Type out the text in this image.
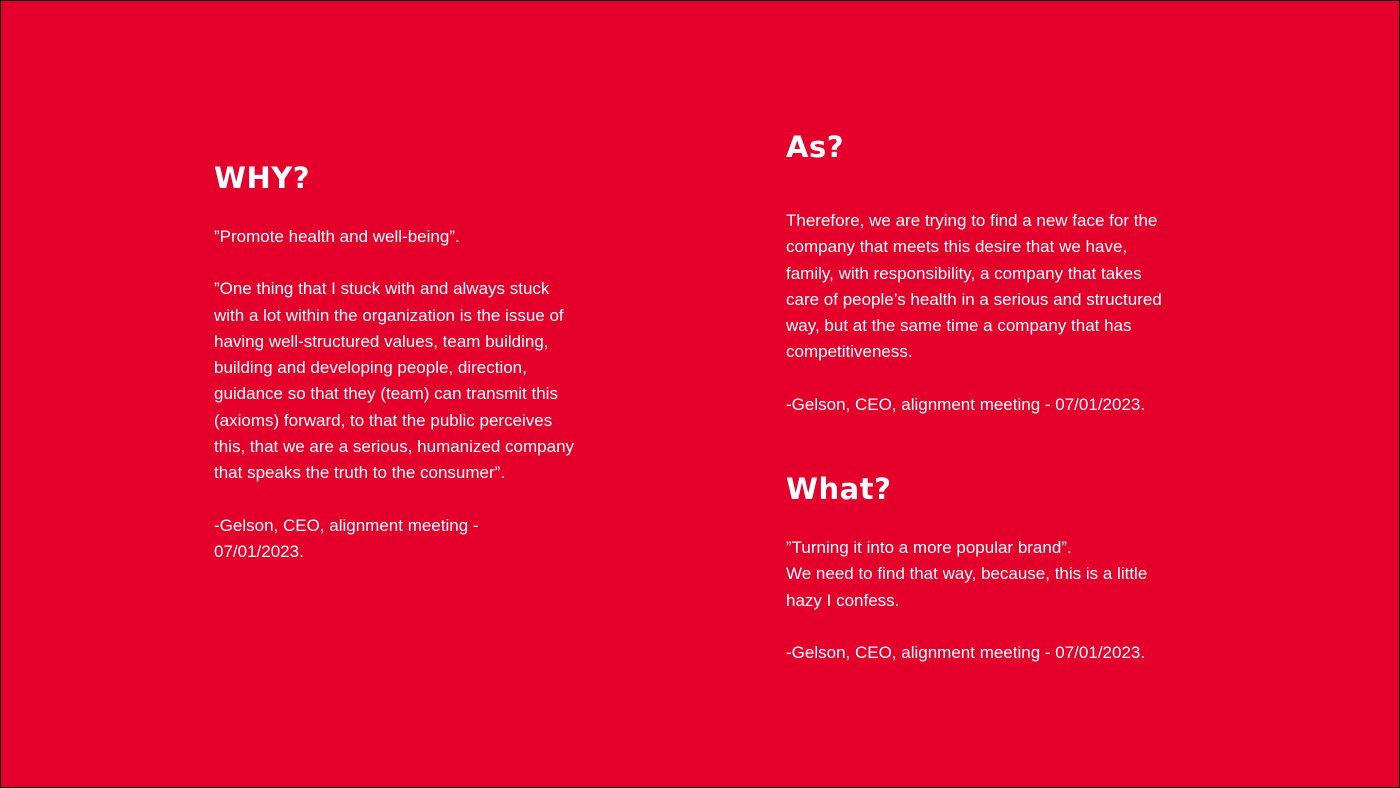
WHY?

”Promote health and well-being”.

”One thing that I stuck with and always stuck
with a lot within the organization is the issue of
having well-structured values, team building,
building and developing people, direction,
guidance so that they (team) can transmit this
(axioms) forward, to that the public perceives
this, that we are a serious, humanized company
that speaks the truth to the consumer”.

-Gelson, CEO, alignment meeting -
07/01/2023.

As?

Therefore, we are trying to find a new face for the
company that meets this desire that we have,
family, with responsibility, a company that takes
care of people’s health in a serious and structured
way, but at the same time a company that has
competitiveness.

-Gelson, CEO, alignment meeting - 07/01/2023.

What?

”Turning it into a more popular brand”.
We need to find that way, because, this is a little
hazy I confess.

-Gelson, CEO, alignment meeting - 07/01/2023.
